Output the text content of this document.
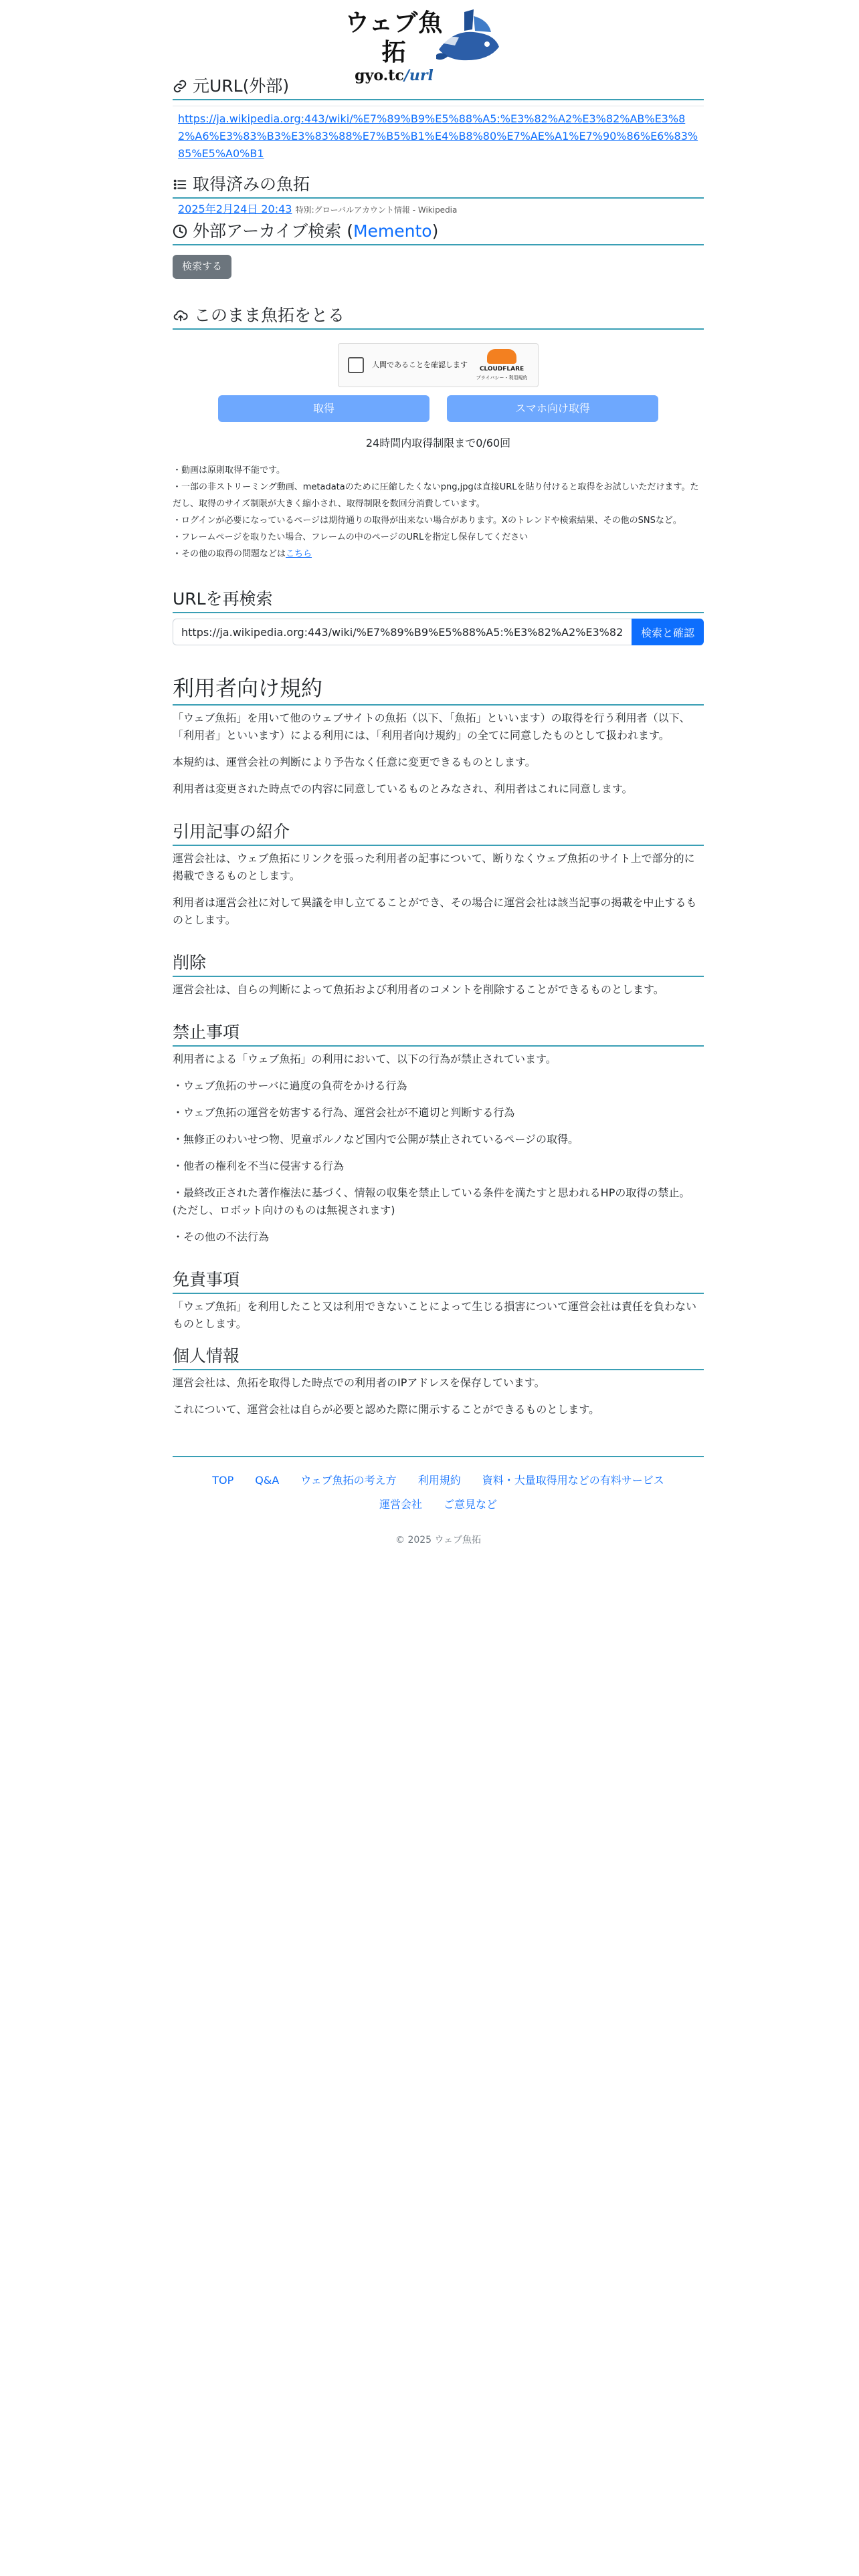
ウェブ魚拓
gyo.tc/url
元URL(外部)
https://ja.wikipedia.org:443/wiki/%E7%89%B9%E5%88%A5:%E3%82%A2%E3%82%AB%E3%82%A6%E3%83%B3%E3%83%88%E7%B5%B1%E4%B8%80%E7%AE%A1%E7%90%86%E6%83%85%E5%A0%B1
取得済みの魚拓
2025年2月24日 20:43 特別:グローバルアカウント情報 - Wikipedia
外部アーカイブ検索 (Memento)
検索する
このまま魚拓をとる
人間であることを確認します
CLOUDFLARE
プライバシー・利用規約
取得	スマホ向け取得
24時間内取得制限まで0/60回
・動画は原則取得不能です。
・一部の非ストリーミング動画、metadataのために圧縮したくないpng,jpgは直接URLを貼り付けると取得をお試しいただけます。ただし、取得のサイズ制限が大きく縮小され、取得制限を数回分消費しています。
・ログインが必要になっているページは期待通りの取得が出来ない場合があります。Xのトレンドや検索結果、その他のSNSなど。
・フレームページを取りたい場合、フレームの中のページのURLを指定し保存してください
・その他の取得の問題などはこちら
URLを再検索
https://ja.wikipedia.org:443/wiki/%E7%89%B9%E5%88%A5:%E3%82%A2%E3%82%AB%E3%82%A6%E3%83%B3%E3%83%88%E7%B5%B1%E4%B8%80%E7%AE%A1%E7%90%86%E6%83%85%E5%A0%B1
検索と確認
利用者向け規約

「ウェブ魚拓」を用いて他のウェブサイトの魚拓（以下、「魚拓」といいます）の取得を行う利用者（以下、「利用者」といいます）による利用には、「利用者向け規約」の全てに同意したものとして扱われます。

本規約は、運営会社の判断により予告なく任意に変更できるものとします。

利用者は変更された時点での内容に同意しているものとみなされ、利用者はこれに同意します。

引用記事の紹介

運営会社は、ウェブ魚拓にリンクを張った利用者の記事について、断りなくウェブ魚拓のサイト上で部分的に掲載できるものとします。

利用者は運営会社に対して異議を申し立てることができ、その場合に運営会社は該当記事の掲載を中止するものとします。

削除

運営会社は、自らの判断によって魚拓および利用者のコメントを削除することができるものとします。

禁止事項

利用者による「ウェブ魚拓」の利用において、以下の行為が禁止されています。

・ウェブ魚拓のサーバに過度の負荷をかける行為

・ウェブ魚拓の運営を妨害する行為、運営会社が不適切と判断する行為

・無修正のわいせつ物、児童ポルノなど国内で公開が禁止されているページの取得。

・他者の権利を不当に侵害する行為

・最終改正された著作権法に基づく、情報の収集を禁止している条件を満たすと思われるHPの取得の禁止。(ただし、ロボット向けのものは無視されます)

・その他の不法行為

免責事項

「ウェブ魚拓」を利用したこと又は利用できないことによって生じる損害について運営会社は責任を負わないものとします。

個人情報

運営会社は、魚拓を取得した時点での利用者のIPアドレスを保存しています。

これについて、運営会社は自らが必要と認めた際に開示することができるものとします。

TOP Q&A ウェブ魚拓の考え方 利用規約 資料・大量取得用などの有料サービス
運営会社 ご意見など
© 2025 ウェブ魚拓
